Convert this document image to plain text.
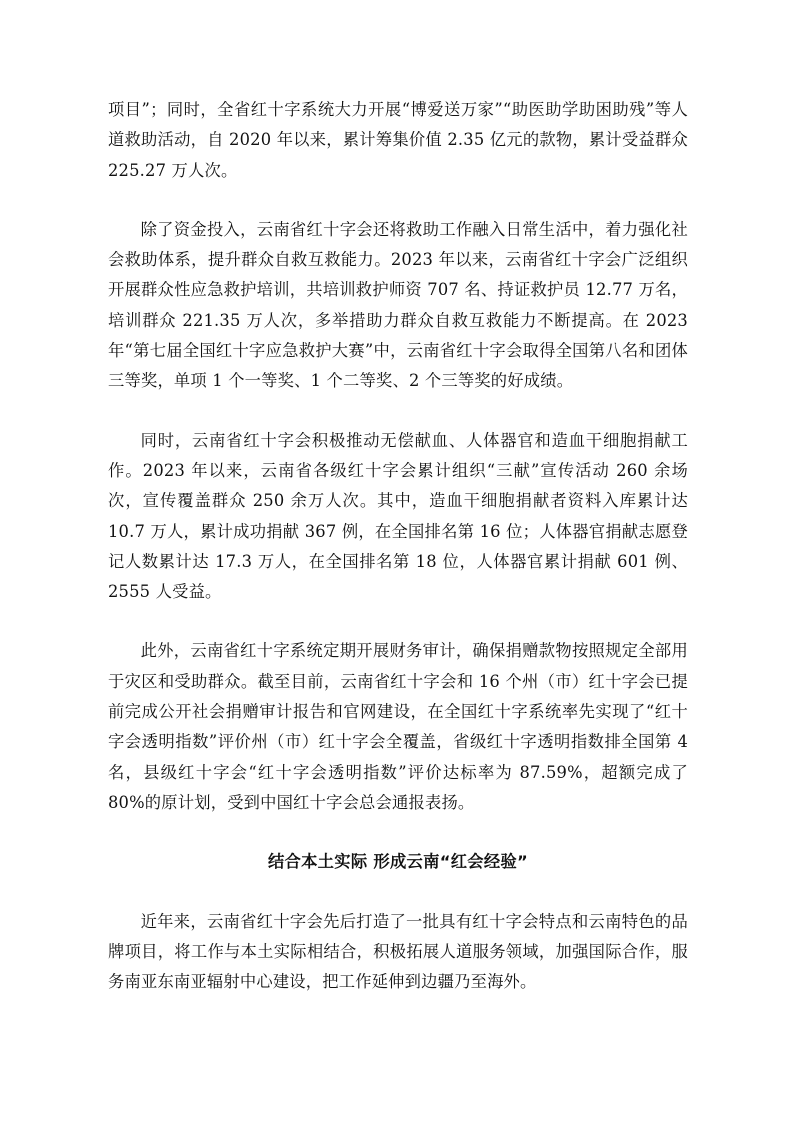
项目”；同时，全省红十字系统大力开展“博爱送万家”“助医助学助困助残”等人道救助活动，自 2020 年以来，累计筹集价值 2.35 亿元的款物，累计受益群众 225.27 万人次。

除了资金投入，云南省红十字会还将救助工作融入日常生活中，着力强化社会救助体系，提升群众自救互救能力。2023 年以来，云南省红十字会广泛组织开展群众性应急救护培训，共培训救护师资 707 名、持证救护员 12.77 万名，培训群众 221.35 万人次，多举措助力群众自救互救能力不断提高。在 2023 年“第七届全国红十字应急救护大赛”中，云南省红十字会取得全国第八名和团体三等奖，单项 1 个一等奖、1 个二等奖、2 个三等奖的好成绩。

同时，云南省红十字会积极推动无偿献血、人体器官和造血干细胞捐献工作。2023 年以来，云南省各级红十字会累计组织“三献”宣传活动 260 余场次，宣传覆盖群众 250 余万人次。其中，造血干细胞捐献者资料入库累计达 10.7 万人，累计成功捐献 367 例，在全国排名第 16 位；人体器官捐献志愿登记人数累计达 17.3 万人，在全国排名第 18 位，人体器官累计捐献 601 例、2555 人受益。

此外，云南省红十字系统定期开展财务审计，确保捐赠款物按照规定全部用于灾区和受助群众。截至目前，云南省红十字会和 16 个州（市）红十字会已提前完成公开社会捐赠审计报告和官网建设，在全国红十字系统率先实现了“红十字会透明指数”评价州（市）红十字会全覆盖，省级红十字透明指数排全国第 4 名，县级红十字会“红十字会透明指数”评价达标率为 87.59%，超额完成了 80%的原计划，受到中国红十字会总会通报表扬。

结合本土实际 形成云南“红会经验”

近年来，云南省红十字会先后打造了一批具有红十字会特点和云南特色的品牌项目，将工作与本土实际相结合，积极拓展人道服务领域，加强国际合作，服务南亚东南亚辐射中心建设，把工作延伸到边疆乃至海外。
